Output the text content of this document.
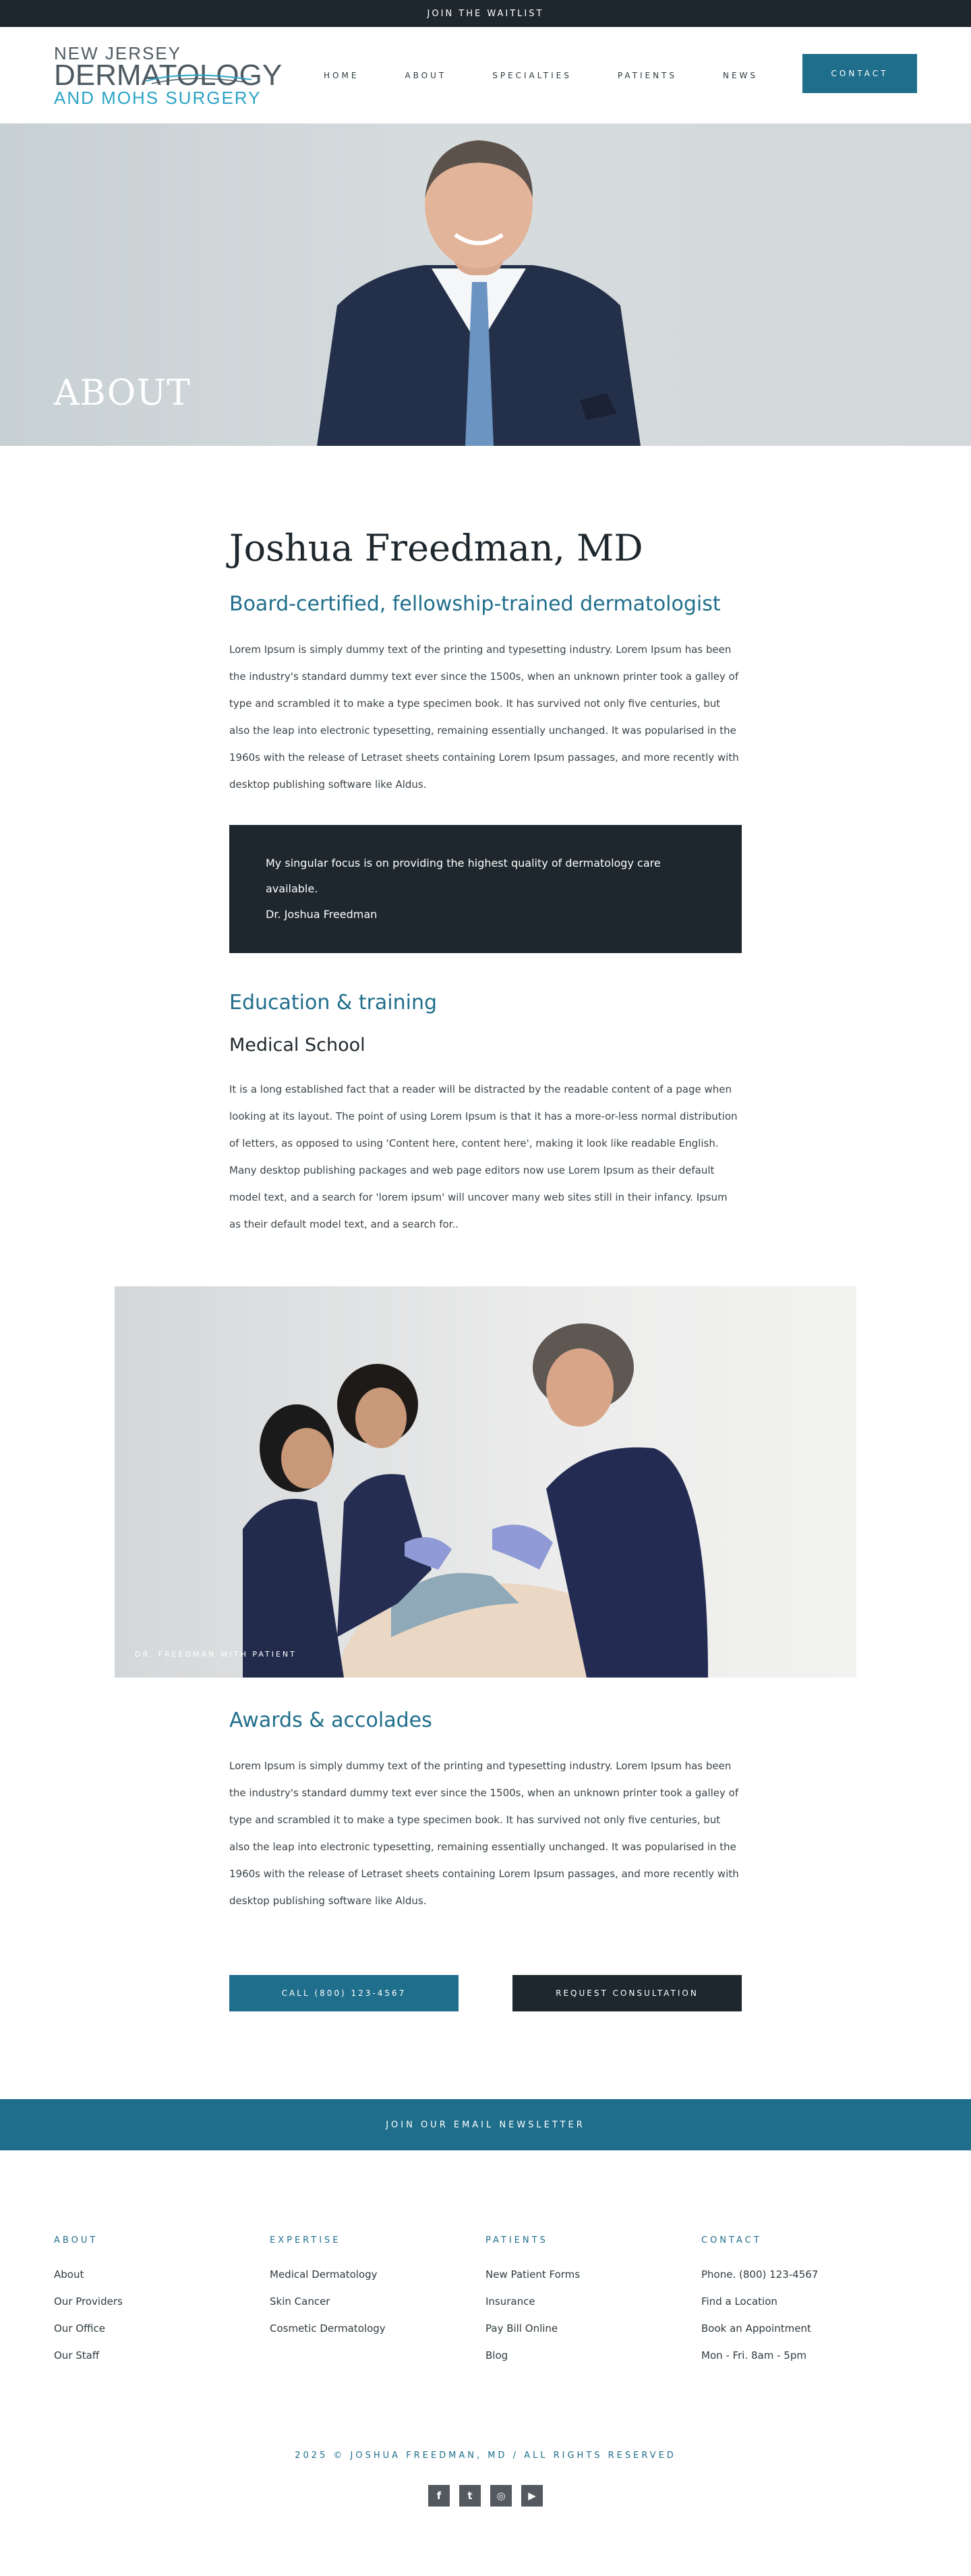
JOIN THE WAITLIST
NEW JERSEY
DERMATOLOGY
AND MOHS SURGERY
HOME	ABOUT	SPECIALTIES	PATIENTS	NEWS	CONTACT
ABOUT
Joshua Freedman, MD
Board-certified, fellowship-trained dermatologist

Lorem Ipsum is simply dummy text of the printing and typesetting industry. Lorem Ipsum has been the industry's standard dummy text ever since the 1500s, when an unknown printer took a galley of type and scrambled it to make a type specimen book. It has survived not only five centuries, but also the leap into electronic typesetting, remaining essentially unchanged. It was popularised in the 1960s with the release of Letraset sheets containing Lorem Ipsum passages, and more recently with desktop publishing software like Aldus.

My singular focus is on providing the highest quality of dermatology care available.
Dr. Joshua Freedman
Education & training
Medical School

It is a long established fact that a reader will be distracted by the readable content of a page when looking at its layout. The point of using Lorem Ipsum is that it has a more-or-less normal distribution of letters, as opposed to using 'Content here, content here', making it look like readable English. Many desktop publishing packages and web page editors now use Lorem Ipsum as their default model text, and a search for 'lorem ipsum' will uncover many web sites still in their infancy. Ipsum as their default model text, and a search for..

DR. FREEDMAN WITH PATIENT
Awards & accolades

Lorem Ipsum is simply dummy text of the printing and typesetting industry. Lorem Ipsum has been the industry's standard dummy text ever since the 1500s, when an unknown printer took a galley of type and scrambled it to make a type specimen book. It has survived not only five centuries, but also the leap into electronic typesetting, remaining essentially unchanged. It was popularised in the 1960s with the release of Letraset sheets containing Lorem Ipsum passages, and more recently with desktop publishing software like Aldus.

CALL (800) 123-4567	REQUEST CONSULTATION
JOIN OUR EMAIL NEWSLETTER
ABOUT
About
Our Providers
Our Office
Our Staff
EXPERTISE
Medical Dermatology
Skin Cancer
Cosmetic Dermatology
PATIENTS
New Patient Forms
Insurance
Pay Bill Online
Blog
CONTACT
Phone. (800) 123-4567
Find a Location
Book an Appointment
Mon - Fri. 8am - 5pm
2025 © JOSHUA FREEDMAN, MD / ALL RIGHTS RESERVED
f	t	◎	▶
